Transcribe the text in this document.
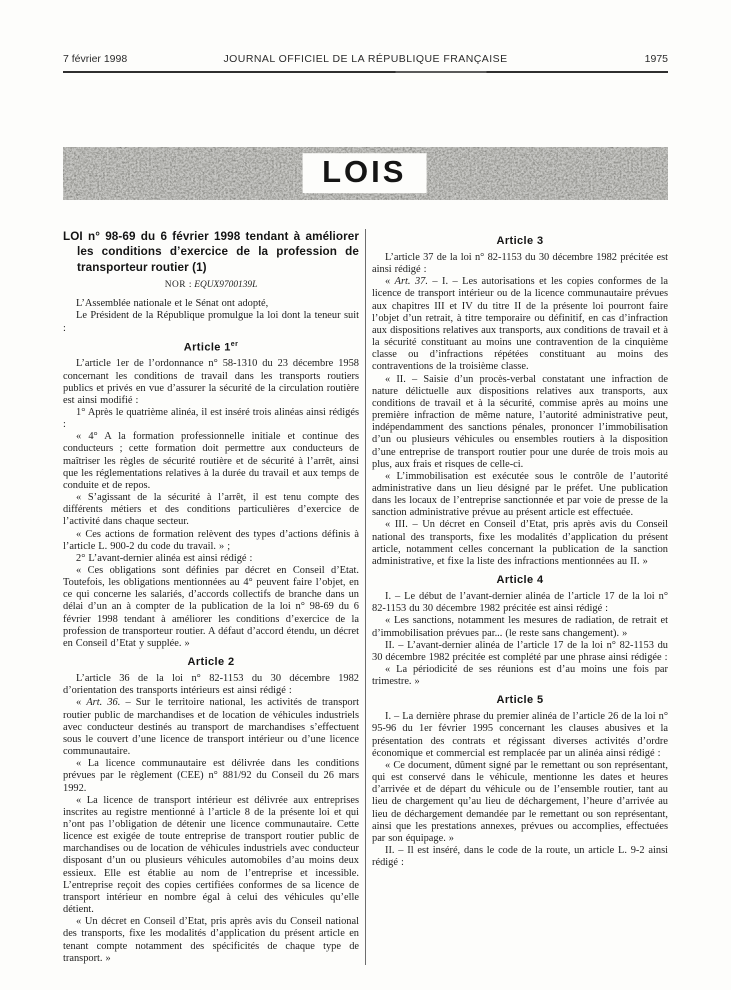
7 février 1998	JOURNAL OFFICIEL DE LA RÉPUBLIQUE FRANÇAISE	1975
LOIS
LOI n° 98-69 du 6 février 1998 tendant à améliorer les conditions d’exercice de la profession de transporteur routier (1)
NOR : EQUX9700139L

L’Assemblée nationale et le Sénat ont adopté,

Le Président de la République promulgue la loi dont la teneur suit :

Article 1er

L’article 1er de l’ordonnance n° 58-1310 du 23 décembre 1958 concernant les conditions de travail dans les transports routiers publics et privés en vue d’assurer la sécurité de la circulation routière est ainsi modifié :

1° Après le quatrième alinéa, il est inséré trois alinéas ainsi rédigés :

« 4° A la formation professionnelle initiale et continue des conducteurs ; cette formation doit permettre aux conducteurs de maîtriser les règles de sécurité routière et de sécurité à l’arrêt, ainsi que les réglementations relatives à la durée du travail et aux temps de conduite et de repos.

« S’agissant de la sécurité à l’arrêt, il est tenu compte des différents métiers et des conditions particulières d’exercice de l’activité dans chaque secteur.

« Ces actions de formation relèvent des types d’actions définis à l’article L. 900-2 du code du travail. » ;

2° L’avant-dernier alinéa est ainsi rédigé :

« Ces obligations sont définies par décret en Conseil d’Etat. Toutefois, les obligations mentionnées au 4° peuvent faire l’objet, en ce qui concerne les salariés, d’accords collectifs de branche dans un délai d’un an à compter de la publication de la loi n° 98-69 du 6 février 1998 tendant à améliorer les conditions d’exercice de la profession de transporteur routier. A défaut d’accord étendu, un décret en Conseil d’Etat y supplée. »

Article 2

L’article 36 de la loi n° 82-1153 du 30 décembre 1982 d’orientation des transports intérieurs est ainsi rédigé :

« Art. 36. – Sur le territoire national, les activités de transport routier public de marchandises et de location de véhicules industriels avec conducteur destinés au transport de marchandises s’effectuent sous le couvert d’une licence de transport intérieur ou d’une licence communautaire.

« La licence communautaire est délivrée dans les conditions prévues par le règlement (CEE) n° 881/92 du Conseil du 26 mars 1992.

« La licence de transport intérieur est délivrée aux entreprises inscrites au registre mentionné à l’article 8 de la présente loi et qui n’ont pas l’obligation de détenir une licence communautaire. Cette licence est exigée de toute entreprise de transport routier public de marchandises ou de location de véhicules industriels avec conducteur disposant d’un ou plusieurs véhicules automobiles d’au moins deux essieux. Elle est établie au nom de l’entreprise et incessible. L’entreprise reçoit des copies certifiées conformes de sa licence de transport intérieur en nombre égal à celui des véhicules qu’elle détient.

« Un décret en Conseil d’Etat, pris après avis du Conseil national des transports, fixe les modalités d’application du présent article en tenant compte notamment des spécificités de chaque type de transport. »

Article 3

L’article 37 de la loi n° 82-1153 du 30 décembre 1982 précitée est ainsi rédigé :

« Art. 37. – I. – Les autorisations et les copies conformes de la licence de transport intérieur ou de la licence communautaire prévues aux chapitres III et IV du titre II de la présente loi pourront faire l’objet d’un retrait, à titre temporaire ou définitif, en cas d’infraction aux dispositions relatives aux transports, aux conditions de travail et à la sécurité constituant au moins une contravention de la cinquième classe ou d’infractions répétées constituant au moins des contraventions de la troisième classe.

« II. – Saisie d’un procès-verbal constatant une infraction de nature délictuelle aux dispositions relatives aux transports, aux conditions de travail et à la sécurité, commise après au moins une première infraction de même nature, l’autorité administrative peut, indépendamment des sanctions pénales, prononcer l’immobilisation d’un ou plusieurs véhicules ou ensembles routiers à la disposition d’une entreprise de transport routier pour une durée de trois mois au plus, aux frais et risques de celle-ci.

« L’immobilisation est exécutée sous le contrôle de l’autorité administrative dans un lieu désigné par le préfet. Une publication dans les locaux de l’entreprise sanctionnée et par voie de presse de la sanction administrative prévue au présent article est effectuée.

« III. – Un décret en Conseil d’Etat, pris après avis du Conseil national des transports, fixe les modalités d’application du présent article, notamment celles concernant la publication de la sanction administrative, et fixe la liste des infractions mentionnées au II. »

Article 4

I. – Le début de l’avant-dernier alinéa de l’article 17 de la loi n° 82-1153 du 30 décembre 1982 précitée est ainsi rédigé :

« Les sanctions, notamment les mesures de radiation, de retrait et d’immobilisation prévues par... (le reste sans changement). »

II. – L’avant-dernier alinéa de l’article 17 de la loi n° 82-1153 du 30 décembre 1982 précitée est complété par une phrase ainsi rédigée :

« La périodicité de ses réunions est d’au moins une fois par trimestre. »

Article 5

I. – La dernière phrase du premier alinéa de l’article 26 de la loi n° 95-96 du 1er février 1995 concernant les clauses abusives et la présentation des contrats et régissant diverses activités d’ordre économique et commercial est remplacée par un alinéa ainsi rédigé :

« Ce document, dûment signé par le remettant ou son représentant, qui est conservé dans le véhicule, mentionne les dates et heures d’arrivée et de départ du véhicule ou de l’ensemble routier, tant au lieu de chargement qu’au lieu de déchargement, l’heure d’arrivée au lieu de déchargement demandée par le remettant ou son représentant, ainsi que les prestations annexes, prévues ou accomplies, effectuées par son équipage. »

II. – Il est inséré, dans le code de la route, un article L. 9-2 ainsi rédigé :
